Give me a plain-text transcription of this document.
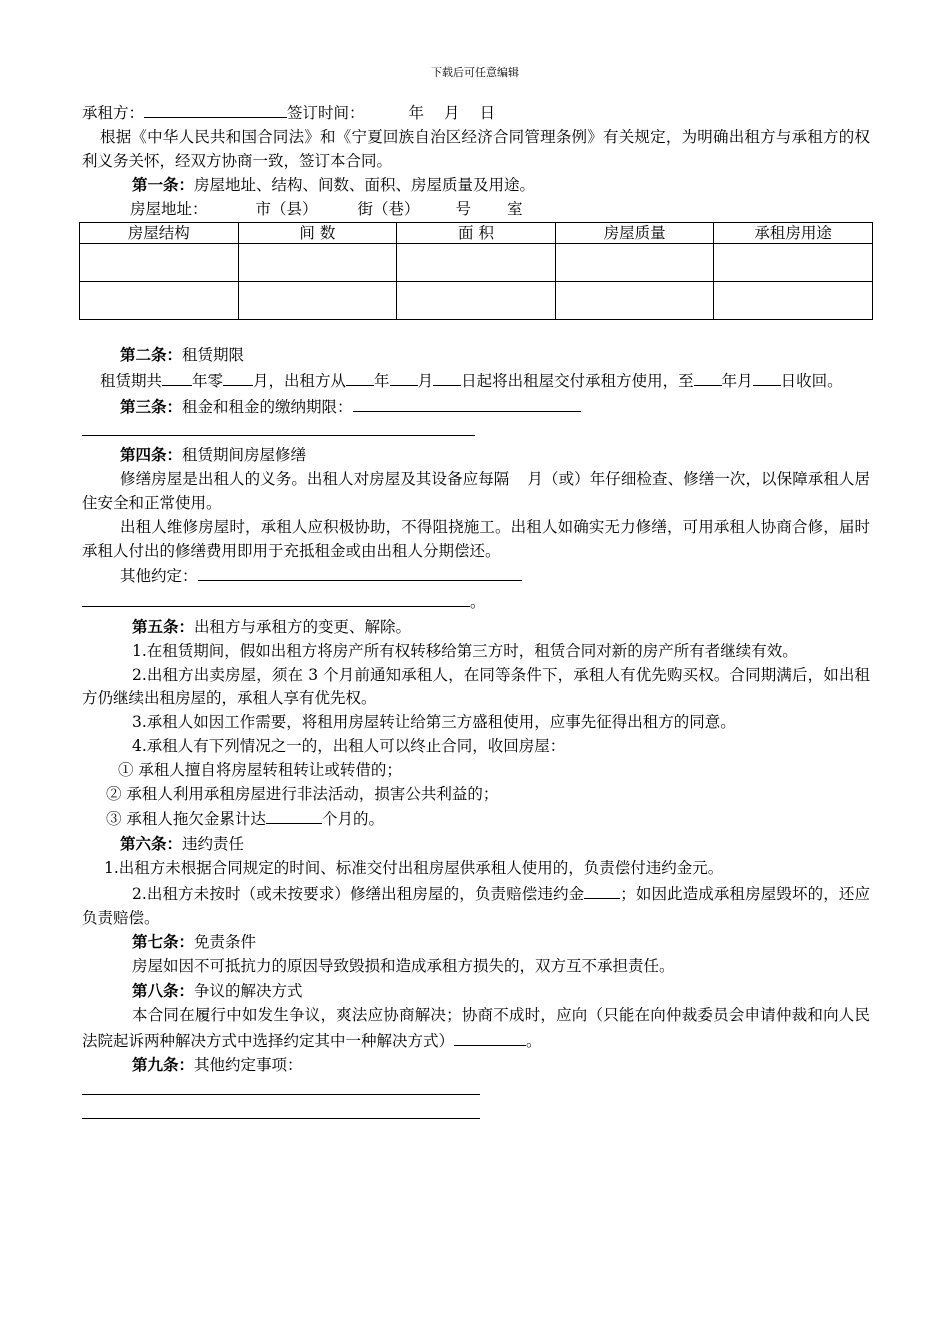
下载后可任意编辑
承租方：	签订时间：	年 月 日
根据《中华人民共和国合同法》和《宁夏回族自治区经济合同管理条例》有关规定，为明确出租方与承租方的权利义务关怀，经双方协商一致，签订本合同。
第一条：房屋地址、结构、间数、面积、房屋质量及用途。
房屋地址：	市（县）	街（巷） 号 室
房屋结构	间 数	面 积	房屋质量	承租房用途

第二条：租赁期限
租赁期共 年零 月，出租方从 年 月 日起将出租屋交付承租方使用，至 年月 日收回。
第三条：租金和租金的缴纳期限：
第四条：租赁期间房屋修缮
修缮房屋是出租人的义务。出租人对房屋及其设备应每隔 月（或）年仔细检查、修缮一次，以保障承租人居住安全和正常使用。
出租人维修房屋时，承租人应积极协助，不得阻挠施工。出租人如确实无力修缮，可用承租人协商合修，届时承租人付出的修缮费用即用于充抵租金或由出租人分期偿还。
其他约定：
。
第五条：出租方与承租方的变更、解除。
1.在租赁期间，假如出租方将房产所有权转移给第三方时，租赁合同对新的房产所有者继续有效。
2.出租方出卖房屋，须在 3 个月前通知承租人，在同等条件下，承租人有优先购买权。合同期满后，如出租方仍继续出租房屋的，承租人享有优先权。
3.承租人如因工作需要，将租用房屋转让给第三方盛租使用，应事先征得出租方的同意。
4.承租人有下列情况之一的，出租人可以终止合同，收回房屋：
① 承租人擅自将房屋转租转让或转借的；
② 承租人利用承租房屋进行非法活动，损害公共利益的；
③ 承租人拖欠金累计达	个月的。
第六条：违约责任
1.出租方未根据合同规定的时间、标准交付出租房屋供承租人使用的，负责偿付违约金元。
2.出租方未按时（或未按要求）修缮出租房屋的，负责赔偿违约金 ；如因此造成承租房屋毁坏的，还应负责赔偿。
第七条：免责条件
房屋如因不可抵抗力的原因导致毁损和造成承租方损失的，双方互不承担责任。
第八条：争议的解决方式
本合同在履行中如发生争议，爽法应协商解决；协商不成时，应向（只能在向仲裁委员会申请仲裁和向人民法院起诉两种解决方式中选择约定其中一种解决方式）	。
第九条：其他约定事项：
